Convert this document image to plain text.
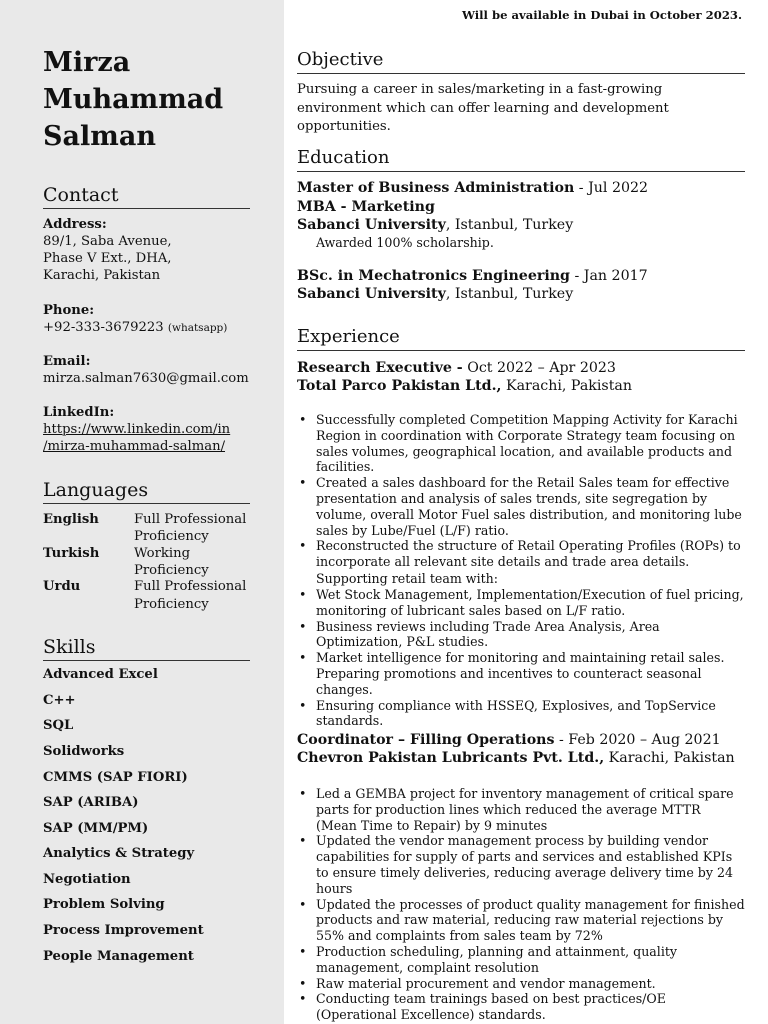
Will be available in Dubai in October 2023.
Mirza Muhammad Salman
Contact
Address:
89/1, Saba Avenue,
Phase V Ext., DHA,
Karachi, Pakistan
Phone:
+92-333-3679223 (whatsapp)
Email:
mirza.salman7630@gmail.com
LinkedIn:
https://www.linkedin.com/in
/mirza-muhammad-salman/
Languages
English	Full Professional
Proficiency
Turkish	Working
Proficiency
Urdu	Full Professional
Proficiency
Skills
Advanced Excel
C++
SQL
Solidworks
CMMS (SAP FIORI)
SAP (ARIBA)
SAP (MM/PM)
Analytics & Strategy
Negotiation
Problem Solving
Process Improvement
People Management
Objective
Pursuing a career in sales/marketing in a fast-growing environment which can offer learning and development opportunities.
Education
Master of Business Administration - Jul 2022
MBA - Marketing
Sabanci University, Istanbul, Turkey
Awarded 100% scholarship.
BSc. in Mechatronics Engineering - Jan 2017
Sabanci University, Istanbul, Turkey
Experience
Research Executive - Oct 2022 – Apr 2023
Total Parco Pakistan Ltd., Karachi, Pakistan
• Successfully completed Competition Mapping Activity for Karachi Region in coordination with Corporate Strategy team focusing on sales volumes, geographical location, and available products and facilities.
• Created a sales dashboard for the Retail Sales team for effective presentation and analysis of sales trends, site segregation by volume, overall Motor Fuel sales distribution, and monitoring lube sales by Lube/Fuel (L/F) ratio.
• Reconstructed the structure of Retail Operating Profiles (ROPs) to incorporate all relevant site details and trade area details.
Supporting retail team with:
• Wet Stock Management, Implementation/Execution of fuel pricing, monitoring of lubricant sales based on L/F ratio.
• Business reviews including Trade Area Analysis, Area Optimization, P&L studies.
• Market intelligence for monitoring and maintaining retail sales. Preparing promotions and incentives to counteract seasonal changes.
• Ensuring compliance with HSSEQ, Explosives, and TopService standards.
Coordinator – Filling Operations - Feb 2020 – Aug 2021
Chevron Pakistan Lubricants Pvt. Ltd., Karachi, Pakistan
• Led a GEMBA project for inventory management of critical spare parts for production lines which reduced the average MTTR (Mean Time to Repair) by 9 minutes
• Updated the vendor management process by building vendor capabilities for supply of parts and services and established KPIs to ensure timely deliveries, reducing average delivery time by 24 hours
• Updated the processes of product quality management for finished products and raw material, reducing raw material rejections by 55% and complaints from sales team by 72%
• Production scheduling, planning and attainment, quality management, complaint resolution
• Raw material procurement and vendor management.
• Conducting team trainings based on best practices/OE (Operational Excellence) standards.
